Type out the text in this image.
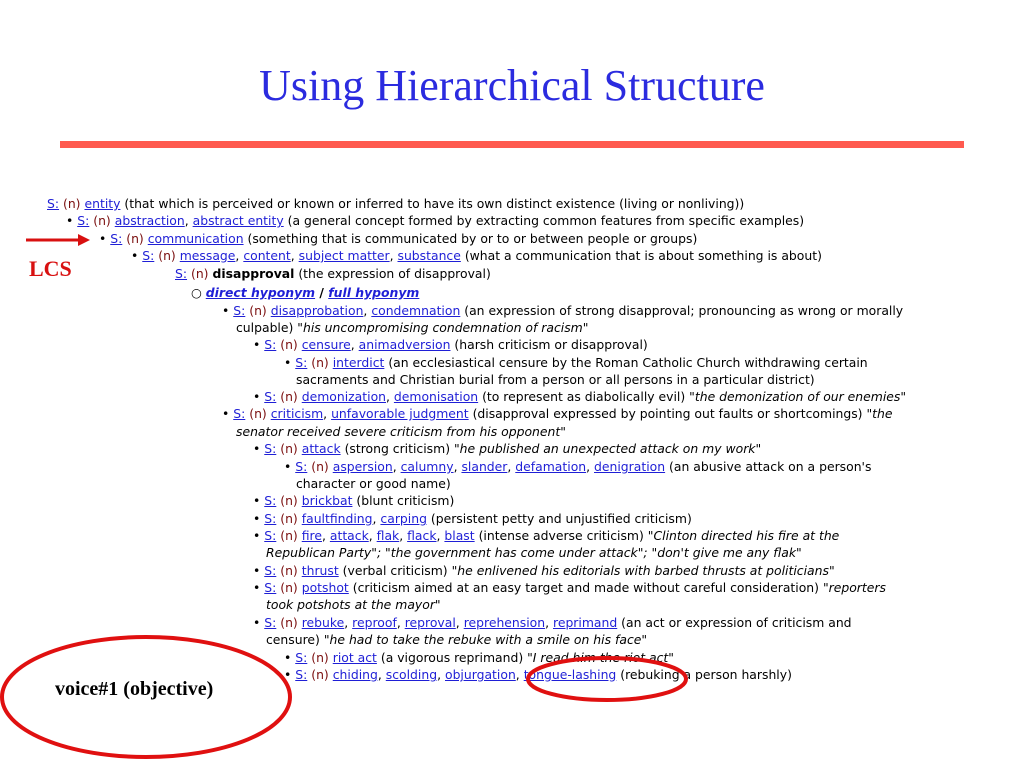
Using Hierarchical Structure
S: (n) entity (that which is perceived or known or inferred to have its own distinct existence (living or nonliving))
• S: (n) abstraction, abstract entity (a general concept formed by extracting common features from specific examples)
• S: (n) communication (something that is communicated by or to or between people or groups)
• S: (n) message, content, subject matter, substance (what a communication that is about something is about)
S: (n) disapproval (the expression of disapproval)
○ direct hyponym / full hyponym
• S: (n) disapprobation, condemnation (an expression of strong disapproval; pronouncing as wrong or morally
culpable) "his uncompromising condemnation of racism"
• S: (n) censure, animadversion (harsh criticism or disapproval)
• S: (n) interdict (an ecclesiastical censure by the Roman Catholic Church withdrawing certain
sacraments and Christian burial from a person or all persons in a particular district)
• S: (n) demonization, demonisation (to represent as diabolically evil) "the demonization of our enemies"
• S: (n) criticism, unfavorable judgment (disapproval expressed by pointing out faults or shortcomings) "the
senator received severe criticism from his opponent"
• S: (n) attack (strong criticism) "he published an unexpected attack on my work"
• S: (n) aspersion, calumny, slander, defamation, denigration (an abusive attack on a person's
character or good name)
• S: (n) brickbat (blunt criticism)
• S: (n) faultfinding, carping (persistent petty and unjustified criticism)
• S: (n) fire, attack, flak, flack, blast (intense adverse criticism) "Clinton directed his fire at the
Republican Party"; "the government has come under attack"; "don't give me any flak"
• S: (n) thrust (verbal criticism) "he enlivened his editorials with barbed thrusts at politicians"
• S: (n) potshot (criticism aimed at an easy target and made without careful consideration) "reporters
took potshots at the mayor"
• S: (n) rebuke, reproof, reproval, reprehension, reprimand (an act or expression of criticism and
censure) "he had to take the rebuke with a smile on his face"
• S: (n) riot act (a vigorous reprimand) "I read him the riot act"
• S: (n) chiding, scolding, objurgation, tongue-lashing (rebuking a person harshly)
LCS
voice#1 (objective)
